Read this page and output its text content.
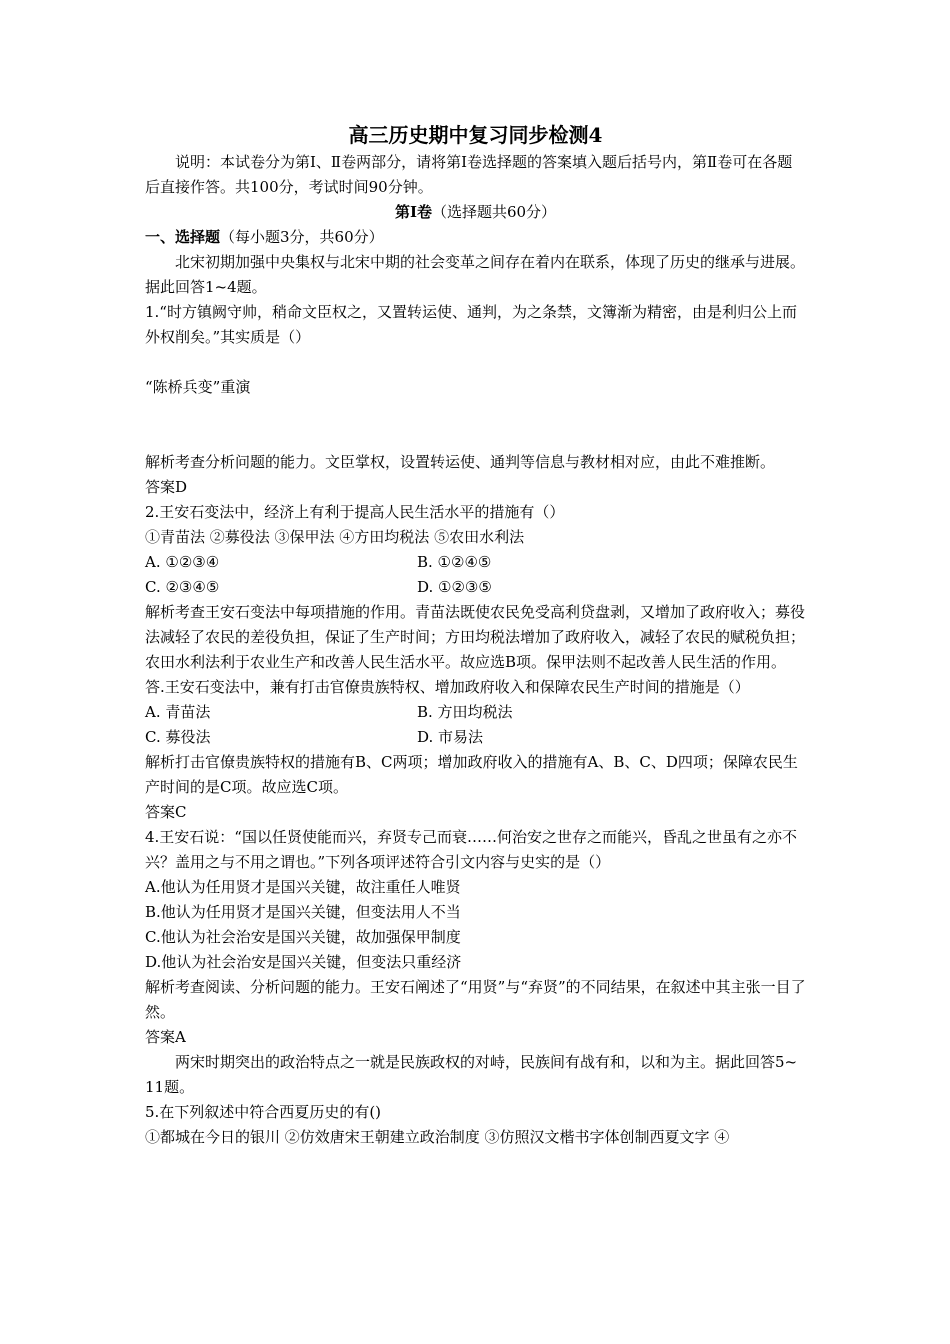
高三历史期中复习同步检测4

说明：本试卷分为第Ⅰ、Ⅱ卷两部分，请将第Ⅰ卷选择题的答案填入题后括号内，第Ⅱ卷可在各题后直接作答。共100分，考试时间90分钟。

第Ⅰ卷（选择题共60分）

一、选择题（每小题3分，共60分）

北宋初期加强中央集权与北宋中期的社会变革之间存在着内在联系，体现了历史的继承与进展。据此回答1~4题。

1.“时方镇阙守帅，稍命文臣权之，又置转运使、通判，为之条禁，文簿渐为精密，由是利归公上而外权削矣。”其实质是（）

“陈桥兵变”重演

解析考查分析问题的能力。文臣掌权，设置转运使、通判等信息与教材相对应，由此不难推断。

答案D

2.王安石变法中，经济上有利于提高人民生活水平的措施有（）

①青苗法 ②募役法 ③保甲法 ④方田均税法 ⑤农田水利法

A. ①②③④	B. ①②④⑤
C. ②③④⑤	D. ①②③⑤

解析考查王安石变法中每项措施的作用。青苗法既使农民免受高利贷盘剥，又增加了政府收入；募役法减轻了农民的差役负担，保证了生产时间；方田均税法增加了政府收入，减轻了农民的赋税负担；农田水利法利于农业生产和改善人民生活水平。故应选B项。保甲法则不起改善人民生活的作用。

答.王安石变法中，兼有打击官僚贵族特权、增加政府收入和保障农民生产时间的措施是（）

A. 青苗法	B. 方田均税法
C. 募役法	D. 市易法

解析打击官僚贵族特权的措施有B、C两项；增加政府收入的措施有A、B、C、D四项；保障农民生产时间的是C项。故应选C项。

答案C

4.王安石说：“国以任贤使能而兴，弃贤专己而衰……何治安之世存之而能兴，昏乱之世虽有之亦不兴？盖用之与不用之谓也。”下列各项评述符合引文内容与史实的是（）

A.他认为任用贤才是国兴关键，故注重任人唯贤

B.他认为任用贤才是国兴关键，但变法用人不当

C.他认为社会治安是国兴关键，故加强保甲制度

D.他认为社会治安是国兴关键，但变法只重经济

解析考查阅读、分析问题的能力。王安石阐述了“用贤”与“弃贤”的不同结果，在叙述中其主张一目了然。

答案A

两宋时期突出的政治特点之一就是民族政权的对峙，民族间有战有和，以和为主。据此回答5~11题。

5.在下列叙述中符合西夏历史的有()

①都城在今日的银川 ②仿效唐宋王朝建立政治制度 ③仿照汉文楷书字体创制西夏文字 ④
